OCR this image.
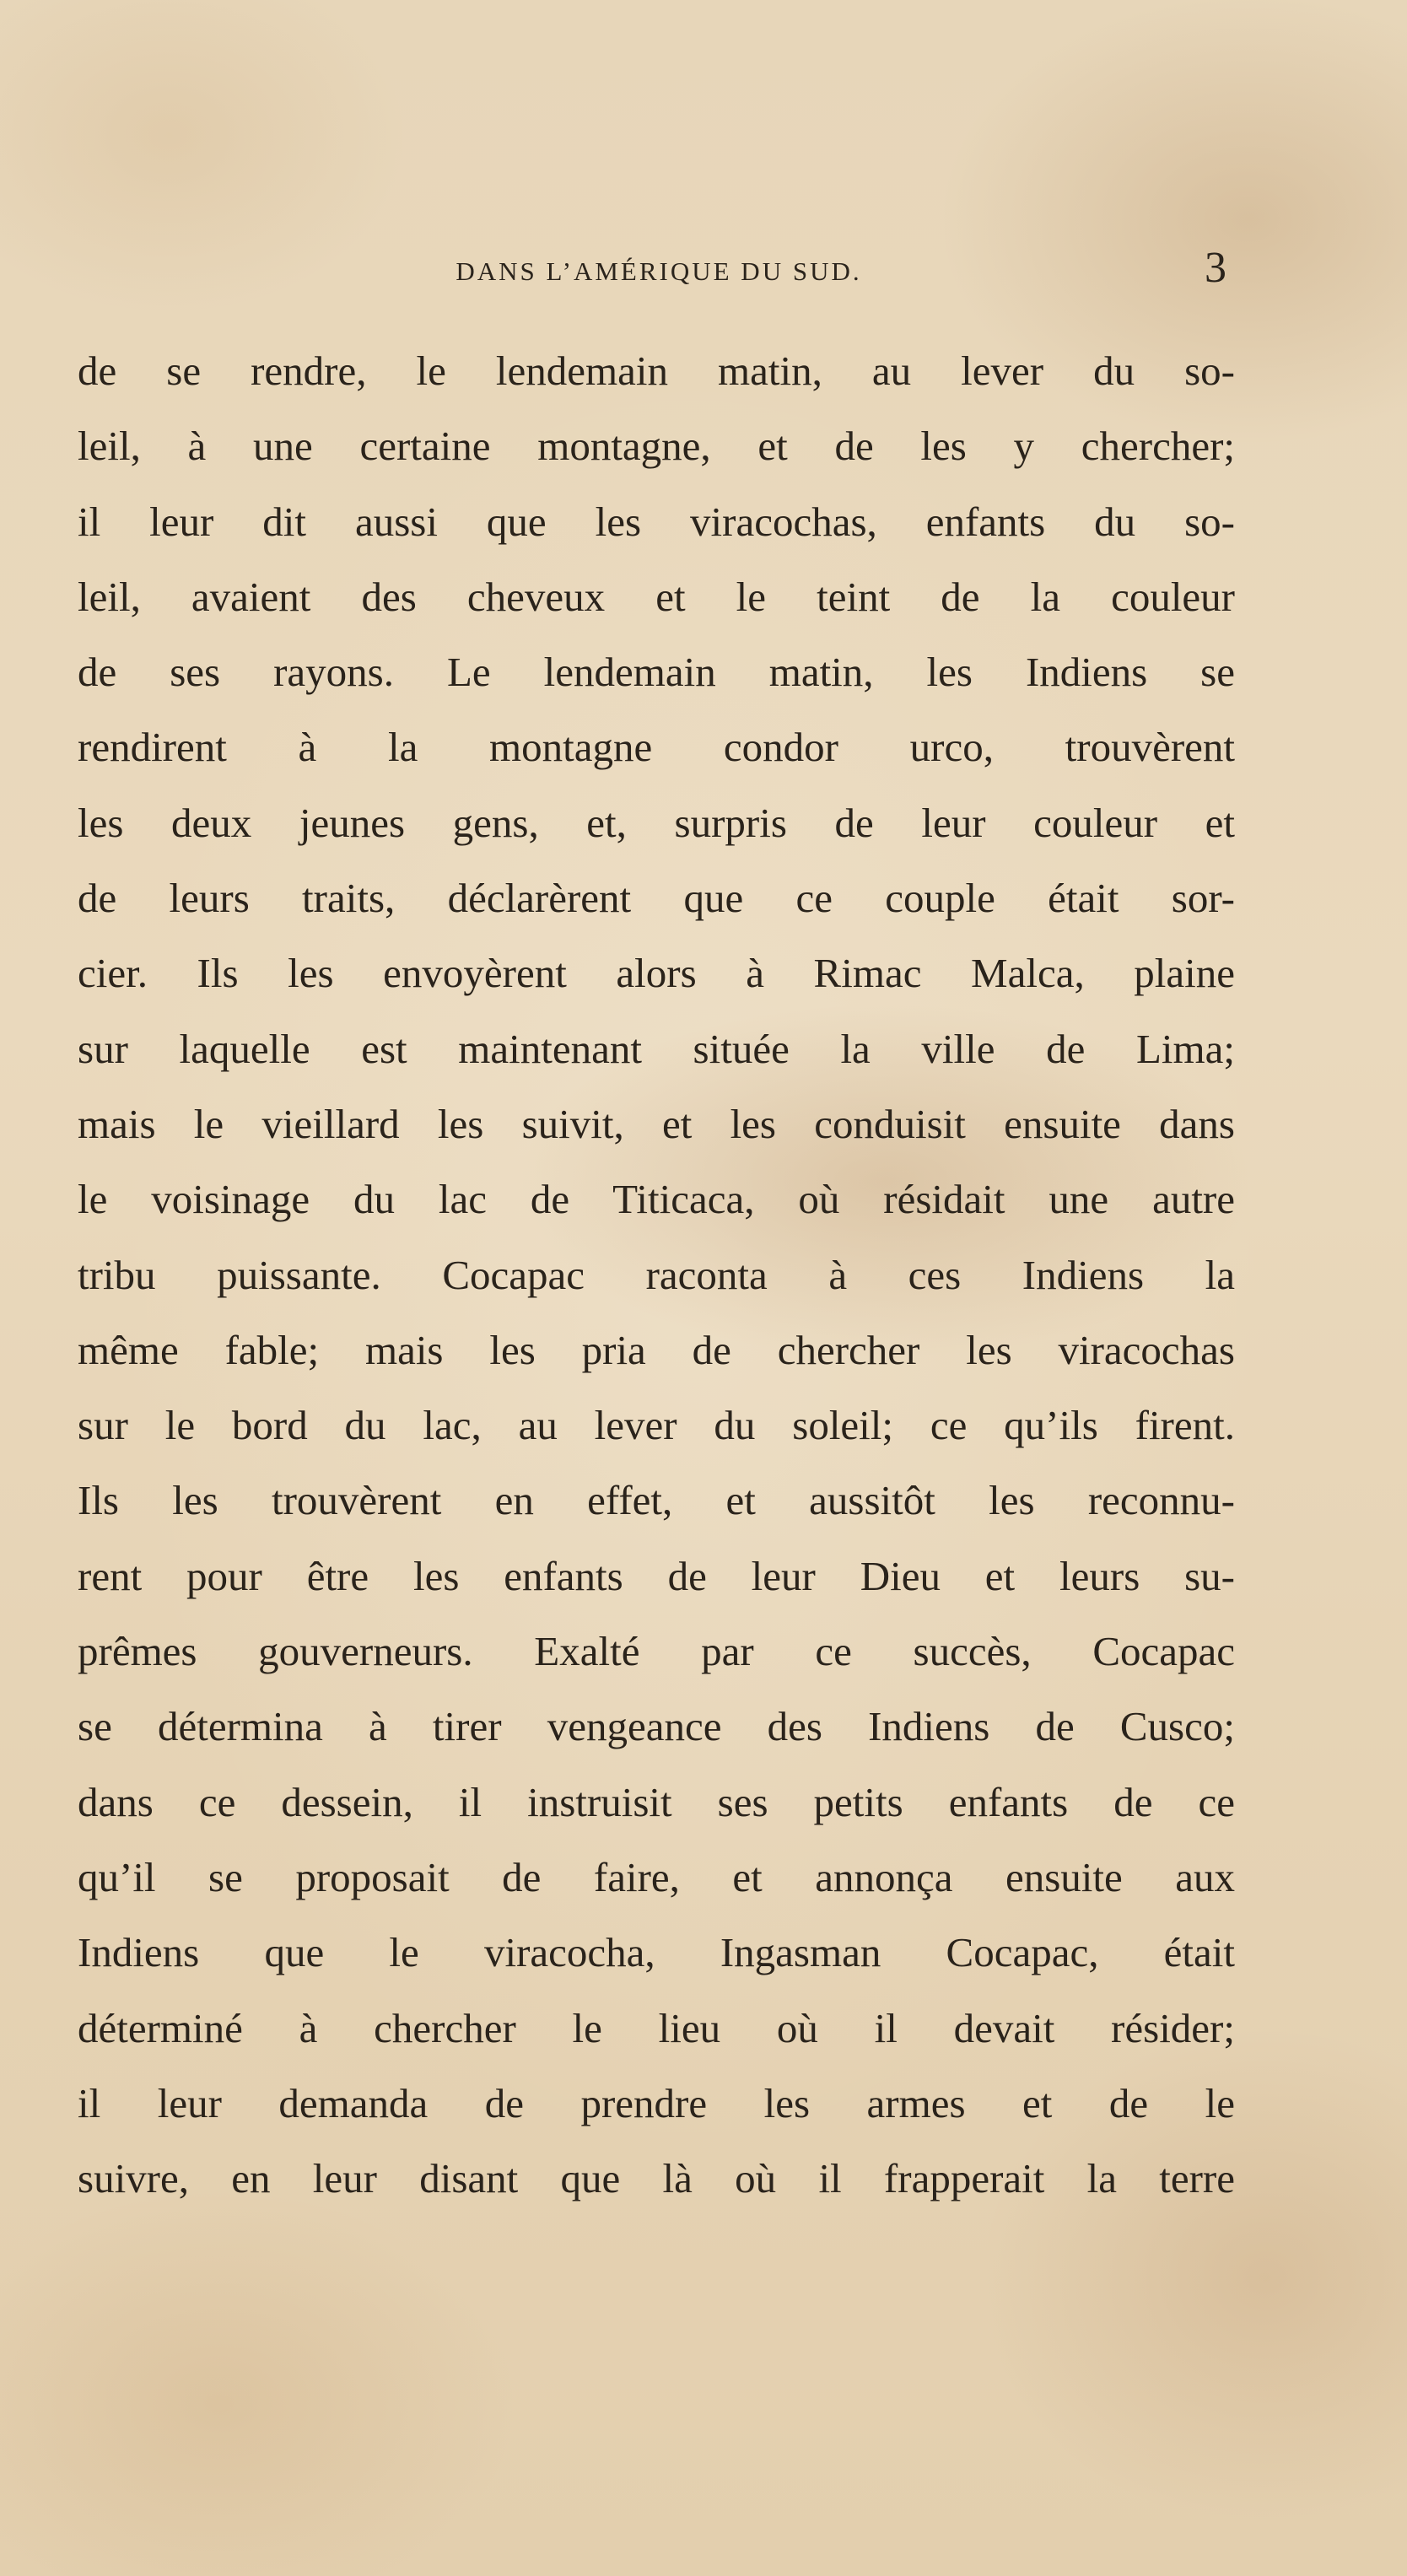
DANS L’AMÉRIQUE DU SUD.	3
de se rendre, le lendemain matin, au lever du so-
leil, à une certaine montagne, et de les y chercher;
il leur dit aussi que les viracochas, enfants du so-
leil, avaient des cheveux et le teint de la couleur
de ses rayons. Le lendemain matin, les Indiens se
rendirent à la montagne condor urco, trouvèrent
les deux jeunes gens, et, surpris de leur couleur et
de leurs traits, déclarèrent que ce couple était sor-
cier. Ils les envoyèrent alors à Rimac Malca, plaine
sur laquelle est maintenant située la ville de Lima;
mais le vieillard les suivit, et les conduisit ensuite dans
le voisinage du lac de Titicaca, où résidait une autre
tribu puissante. Cocapac raconta à ces Indiens la
même fable; mais les pria de chercher les viracochas
sur le bord du lac, au lever du soleil; ce qu’ils firent.
Ils les trouvèrent en effet, et aussitôt les reconnu-
rent pour être les enfants de leur Dieu et leurs su-
prêmes gouverneurs. Exalté par ce succès, Cocapac
se détermina à tirer vengeance des Indiens de Cusco;
dans ce dessein, il instruisit ses petits enfants de ce
qu’il se proposait de faire, et annonça ensuite aux
Indiens que le viracocha, Ingasman Cocapac, était
déterminé à chercher le lieu où il devait résider;
il leur demanda de prendre les armes et de le
suivre, en leur disant que là où il frapperait la terre
